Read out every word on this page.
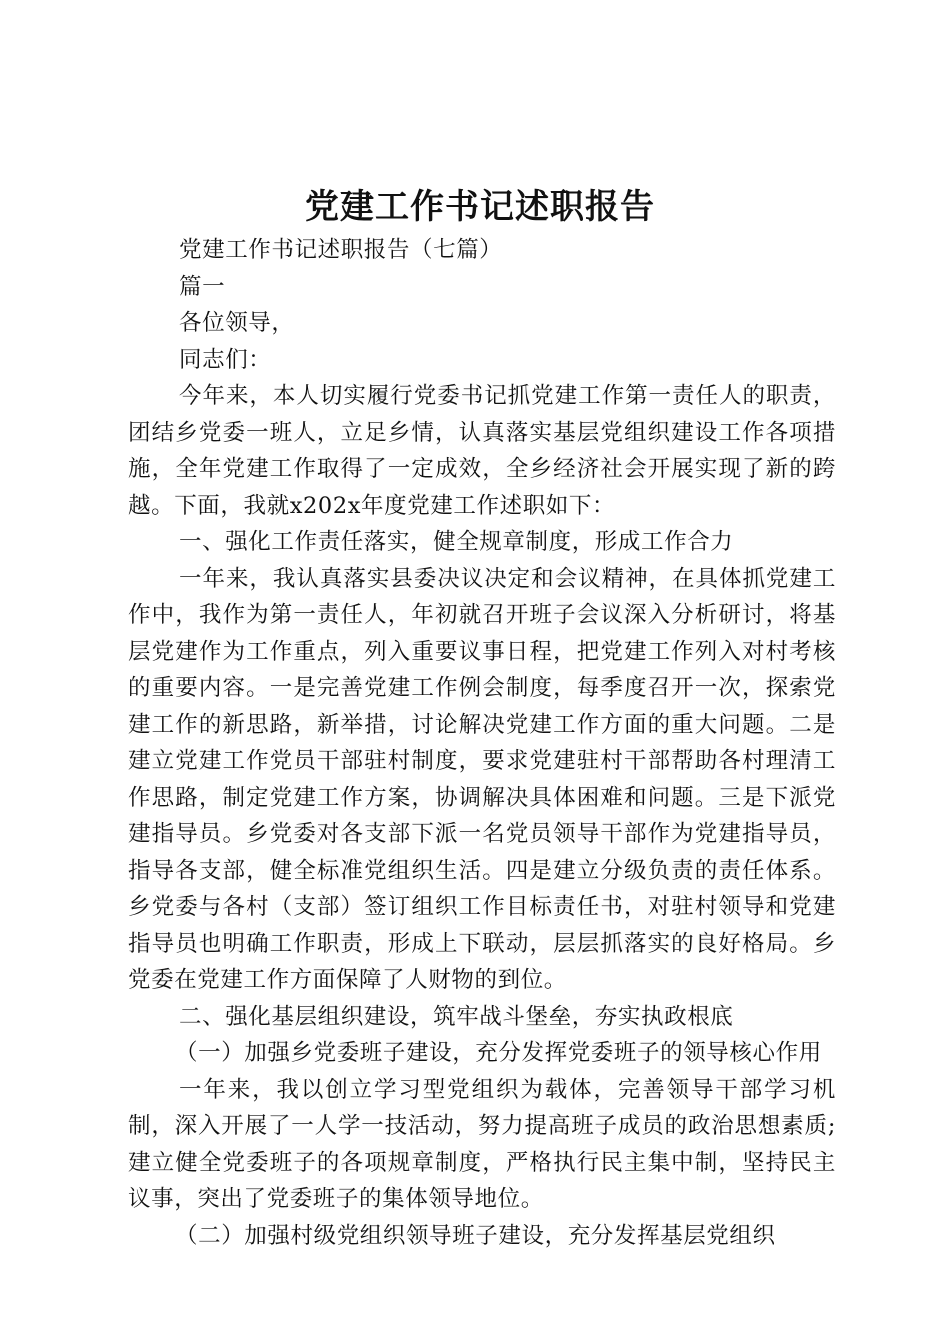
党建工作书记述职报告

党建工作书记述职报告（七篇）

篇一

各位领导，

同志们：

今年来，本人切实履行党委书记抓党建工作第一责任人的职责，团结乡党委一班人，立足乡情，认真落实基层党组织建设工作各项措施，全年党建工作取得了一定成效，全乡经济社会开展实现了新的跨越。下面，我就x202x年度党建工作述职如下：

一、强化工作责任落实，健全规章制度，形成工作合力

一年来，我认真落实县委决议决定和会议精神，在具体抓党建工作中，我作为第一责任人，年初就召开班子会议深入分析研讨，将基层党建作为工作重点，列入重要议事日程，把党建工作列入对村考核的重要内容。一是完善党建工作例会制度，每季度召开一次，探索党建工作的新思路，新举措，讨论解决党建工作方面的重大问题。二是建立党建工作党员干部驻村制度，要求党建驻村干部帮助各村理清工作思路，制定党建工作方案，协调解决具体困难和问题。三是下派党建指导员。乡党委对各支部下派一名党员领导干部作为党建指导员，指导各支部，健全标准党组织生活。四是建立分级负责的责任体系。乡党委与各村（支部）签订组织工作目标责任书，对驻村领导和党建指导员也明确工作职责，形成上下联动，层层抓落实的良好格局。乡党委在党建工作方面保障了人财物的到位。

二、强化基层组织建设，筑牢战斗堡垒，夯实执政根底

（一）加强乡党委班子建设，充分发挥党委班子的领导核心作用

一年来，我以创立学习型党组织为载体，完善领导干部学习机制，深入开展了一人学一技活动，努力提高班子成员的政治思想素质;建立健全党委班子的各项规章制度，严格执行民主集中制，坚持民主议事，突出了党委班子的集体领导地位。

（二）加强村级党组织领导班子建设，充分发挥基层党组织
